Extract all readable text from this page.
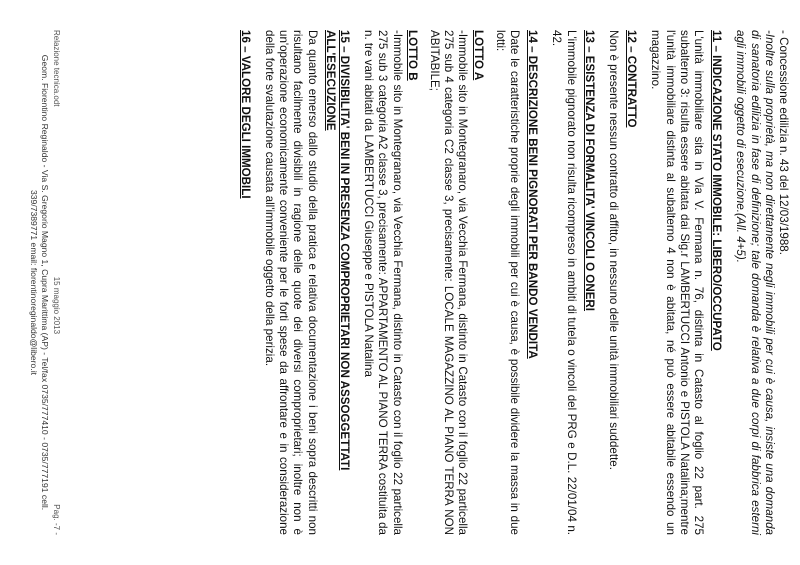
- Concessione edilizia n. 43 del 12/03/1988.

-Inoltre sulla proprietà, ma non direttamente negli immobili per cui è causa, insiste una domanda di sanatoria edilizia in fase di definizione; tale domanda è relativa a due corpi di fabbrica esterni agli immobili oggetto di esecuzione.(All. 4+5).

11 – INDICAZIONE STATO IMMOBILE: LIBERO/OCCUPATO

L'unità immobiliare sita in Via V. Fermana n. 76, distinta in Catasto al foglio 22 part. 275 subalterno 3: risulta essere abitata dai Sig.r LAMBERTUCCI Antonio e PISTOLA Natalina;mentre l'unità immobiliare distinta al subalterno 4 non è abitata, né può essere abitabile essendo un magazzino.

12 – CONTRATTO

Non è presente nessun contratto di affitto, in nessuno delle unità immobiliari suddette.

13 – ESISTENZA DI FORMALITA' VINCOLI O ONERI

L'immobile pignorato non risulta ricompreso in ambiti di tutela o vincoli del PRG e D.L. 22/01/04 n. 42.

14 – DESCRIZIONE BENI PIGNORATI PER BANDO VENDITA

Date le caratteristiche proprie degli immobili per cui è causa, è possibile dividere la massa in due lotti:

LOTTO A

-Immobile sito in Montegranaro, via Vecchia Fermana, distinto in Catasto con il foglio 22 particella 275 sub 4 categoria C2 classe 3, precisamente: LOCALE MAGAZZINO AL PIANO TERRA NON ABITABILE;

LOTTO B

-Immobile sito in Montegranaro, via Vecchia Fermana, distinto in Catasto con il foglio 22 particella 275 sub 3 categoria A2 classe 3, precisamente: APPARTAMENTO AL PIANO TERRA costituita da n. tre vani abitati da LAMBERTUCCI Giuseppe e PISTOLA Natalina

15 – DIVISIBILITA' BENI IN PRESENZA COMPROPRIETARI NON ASSOGGETTATI ALL'ESECUZIONE

Da quanto emerso dallo studio della pratica e relativa documentazione i beni sopra descritti non risultano facilmente divisibili in ragione delle quote dei diversi comproprietari; inoltre non è un'operazione economicamente conveniente per le forti spese da affrontare e in considerazione della forte svalutazione causata all'immobile oggetto della perizia.

16 – VALORE DEGLI IMMOBILI
Relazione tecnica.odt
15 maggio 2013
Pag. -7 -
Geom. Fiorentino Reginaldo - Via S. Gregorio Magno 1, Cupra Marittima (AP) - Tel/fax 0735/777410 - 0735/777191 cell.
339/7389771 email: fiorentinoreginaldo@libero.it
